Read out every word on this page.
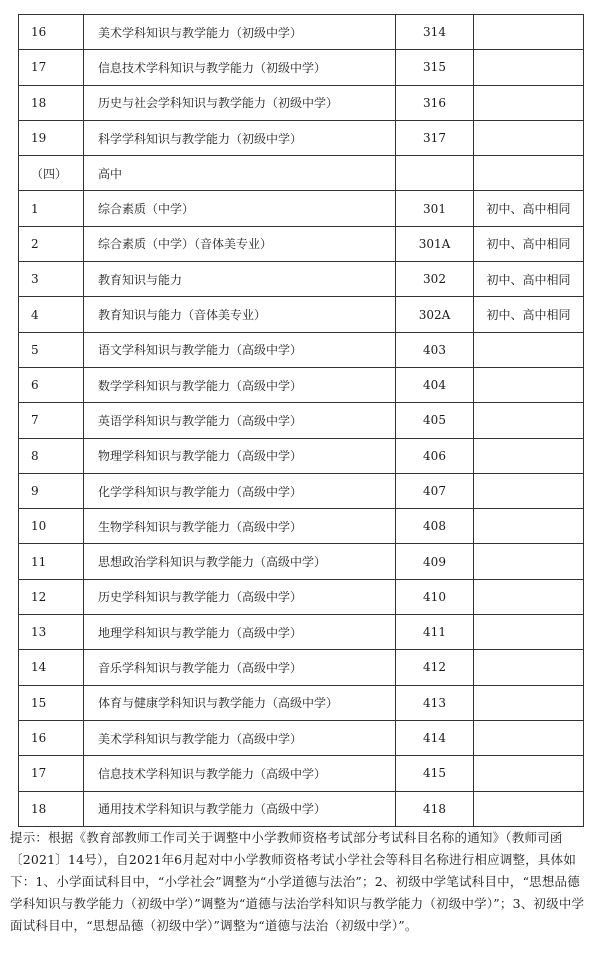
16	美术学科知识与教学能力（初级中学）	314	
17	信息技术学科知识与教学能力（初级中学）	315	
18	历史与社会学科知识与教学能力（初级中学）	316	
19	科学学科知识与教学能力（初级中学）	317	
（四）	高中		
1	综合素质（中学）	301	初中、高中相同
2	综合素质（中学）（音体美专业）	301A	初中、高中相同
3	教育知识与能力	302	初中、高中相同
4	教育知识与能力（音体美专业）	302A	初中、高中相同
5	语文学科知识与教学能力（高级中学）	403	
6	数学学科知识与教学能力（高级中学）	404	
7	英语学科知识与教学能力（高级中学）	405	
8	物理学科知识与教学能力（高级中学）	406	
9	化学学科知识与教学能力（高级中学）	407	
10	生物学科知识与教学能力（高级中学）	408	
11	思想政治学科知识与教学能力（高级中学）	409	
12	历史学科知识与教学能力（高级中学）	410	
13	地理学科知识与教学能力（高级中学）	411	
14	音乐学科知识与教学能力（高级中学）	412	
15	体育与健康学科知识与教学能力（高级中学）	413	
16	美术学科知识与教学能力（高级中学）	414	
17	信息技术学科知识与教学能力（高级中学）	415	
18	通用技术学科知识与教学能力（高级中学）	418	
提示：根据《教育部教师工作司关于调整中小学教师资格考试部分考试科目名称的通知》（教师司函〔2021〕14号），自2021年6月起对中小学教师资格考试小学社会等科目名称进行相应调整，具体如下：1、小学面试科目中，“小学社会”调整为“小学道德与法治”；2、初级中学笔试科目中，“思想品德学科知识与教学能力（初级中学）”调整为“道德与法治学科知识与教学能力（初级中学）”；3、初级中学面试科目中，“思想品德（初级中学）”调整为“道德与法治（初级中学）”。
